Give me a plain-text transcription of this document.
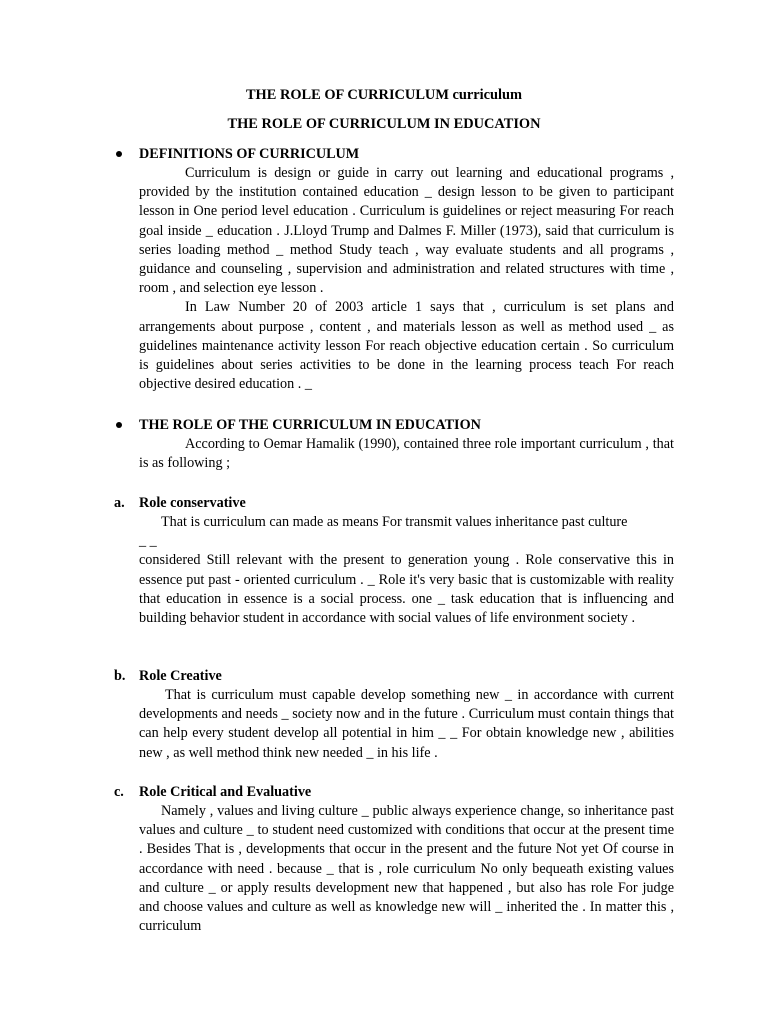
THE ROLE OF CURRICULUM curriculum
THE ROLE OF CURRICULUM IN EDUCATION
DEFINITIONS OF CURRICULUM

Curriculum is design or guide in carry out learning and educational programs , provided by the institution contained education _ design lesson to be given to participant lesson in One period level education . Curriculum is guidelines or reject measuring For reach goal inside _ education . J.Lloyd Trump and Dalmes F. Miller (1973), said that curriculum is series loading method _ method Study teach , way evaluate students and all programs , guidance and counseling , supervision and administration and related structures with time , room , and selection eye lesson .

In Law Number 20 of 2003 article 1 says that , curriculum is set plans and arrangements about purpose , content , and materials lesson as well as method used _ as guidelines maintenance activity lesson For reach objective education certain . So curriculum is guidelines about series activities to be done in the learning process teach For reach objective desired education . _

THE ROLE OF THE CURRICULUM IN EDUCATION

According to Oemar Hamalik (1990), contained three role important curriculum , that is as following ;

a. Role conservative

That is curriculum can made as means For transmit values inheritance past culture

_ _

considered Still relevant with the present to generation young . Role conservative this in essence put past - oriented curriculum . _ Role it's very basic that is customizable with reality that education in essence is a social process. one _ task education that is influencing and building behavior student in accordance with social values of life environment society .

b. Role Creative

That is curriculum must capable develop something new _ in accordance with current developments and needs _ society now and in the future . Curriculum must contain things that can help every student develop all potential in him _ _ For obtain knowledge new , abilities new , as well method think new needed _ in his life .

c. Role Critical and Evaluative

Namely , values and living culture _ public always experience change, so inheritance past values and culture _ to student need customized with conditions that occur at the present time . Besides That is , developments that occur in the present and the future Not yet Of course in accordance with need . because _ that is , role curriculum No only bequeath existing values and culture _ or apply results development new that happened , but also has role For judge and choose values and culture as well as knowledge new will _ inherited the . In matter this , curriculum
